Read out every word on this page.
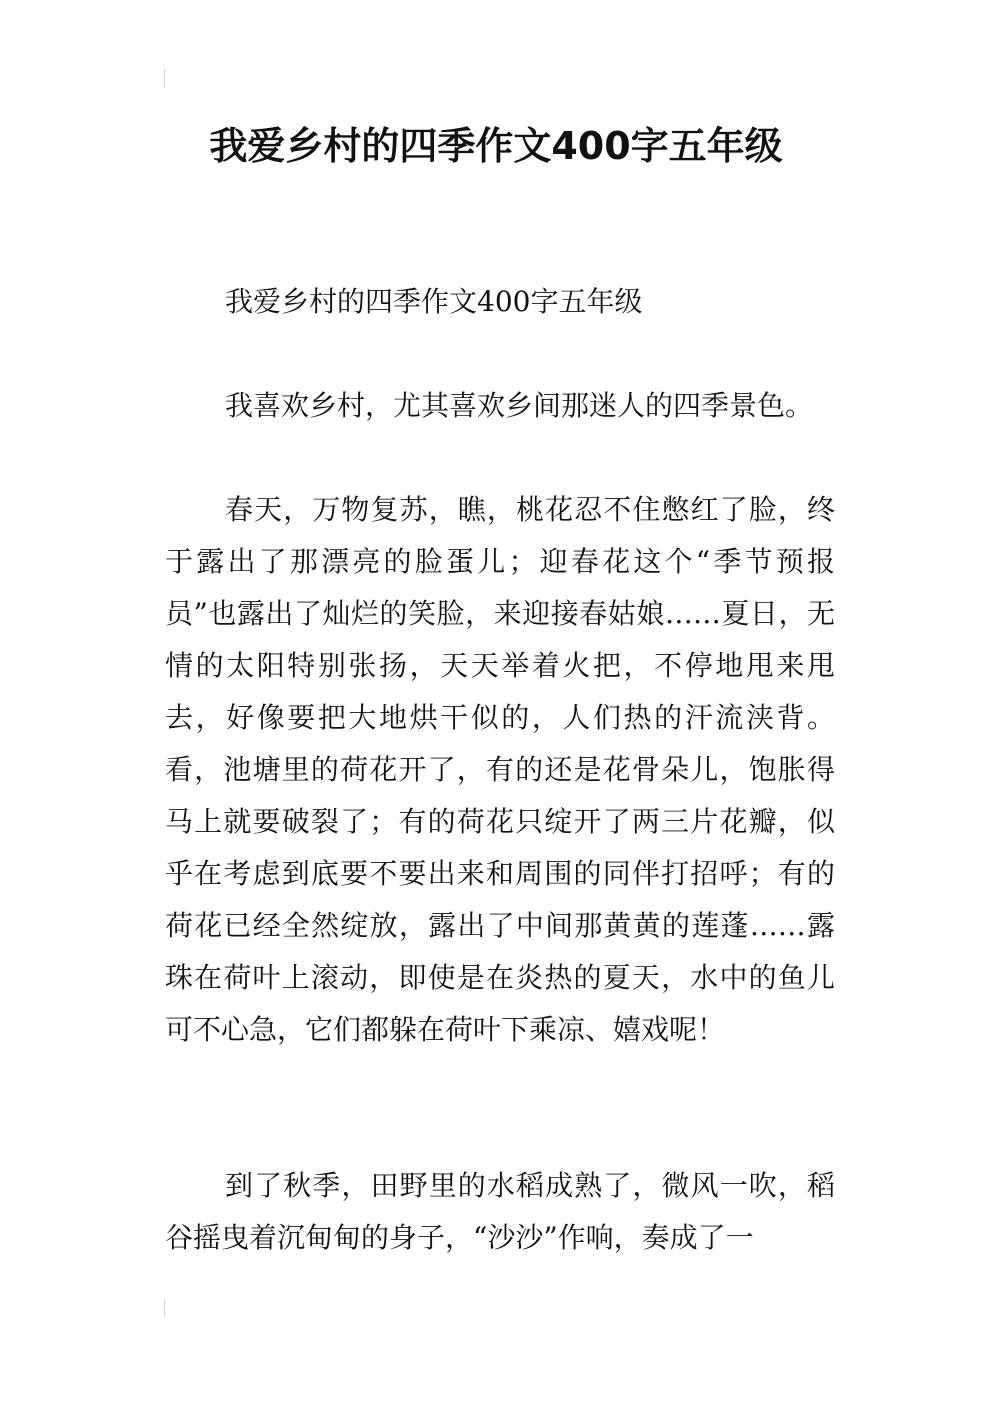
我爱乡村的四季作文400字五年级

我爱乡村的四季作文400字五年级

我喜欢乡村，尤其喜欢乡间那迷人的四季景色。

春天，万物复苏，瞧，桃花忍不住憋红了脸，终于露出了那漂亮的脸蛋儿；迎春花这个“季节预报员”也露出了灿烂的笑脸，来迎接春姑娘……夏日，无情的太阳特别张扬，天天举着火把，不停地甩来甩去，好像要把大地烘干似的，人们热的汗流浃背。看，池塘里的荷花开了，有的还是花骨朵儿，饱胀得马上就要破裂了；有的荷花只绽开了两三片花瓣，似乎在考虑到底要不要出来和周围的同伴打招呼；有的荷花已经全然绽放，露出了中间那黄黄的莲蓬……露珠在荷叶上滚动，即使是在炎热的夏天，水中的鱼儿可不心急，它们都躲在荷叶下乘凉、嬉戏呢！

到了秋季，田野里的水稻成熟了，微风一吹，稻谷摇曳着沉甸甸的身子，“沙沙”作响，奏成了一
